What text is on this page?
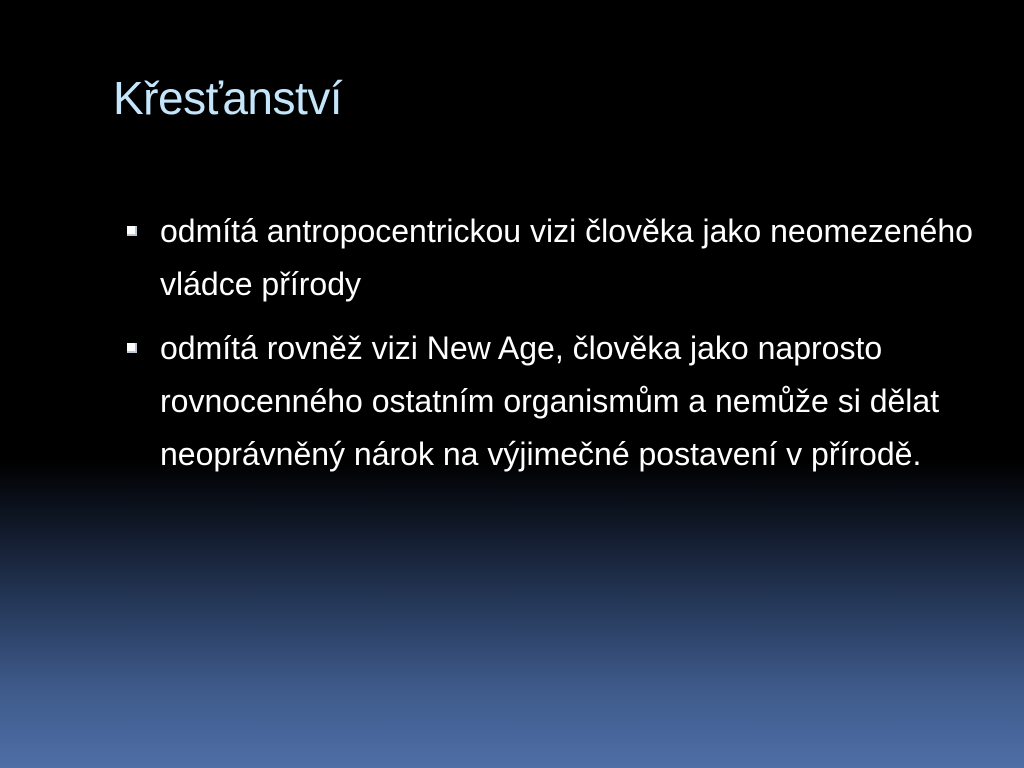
Křesťanství
odmítá antropocentrickou vizi člověka jako neomezeného vládce přírody
odmítá rovněž vizi New Age, člověka jako naprosto rovnocenného ostatním organismům a nemůže si dělat neoprávněný nárok na výjimečné postavení v přírodě.
